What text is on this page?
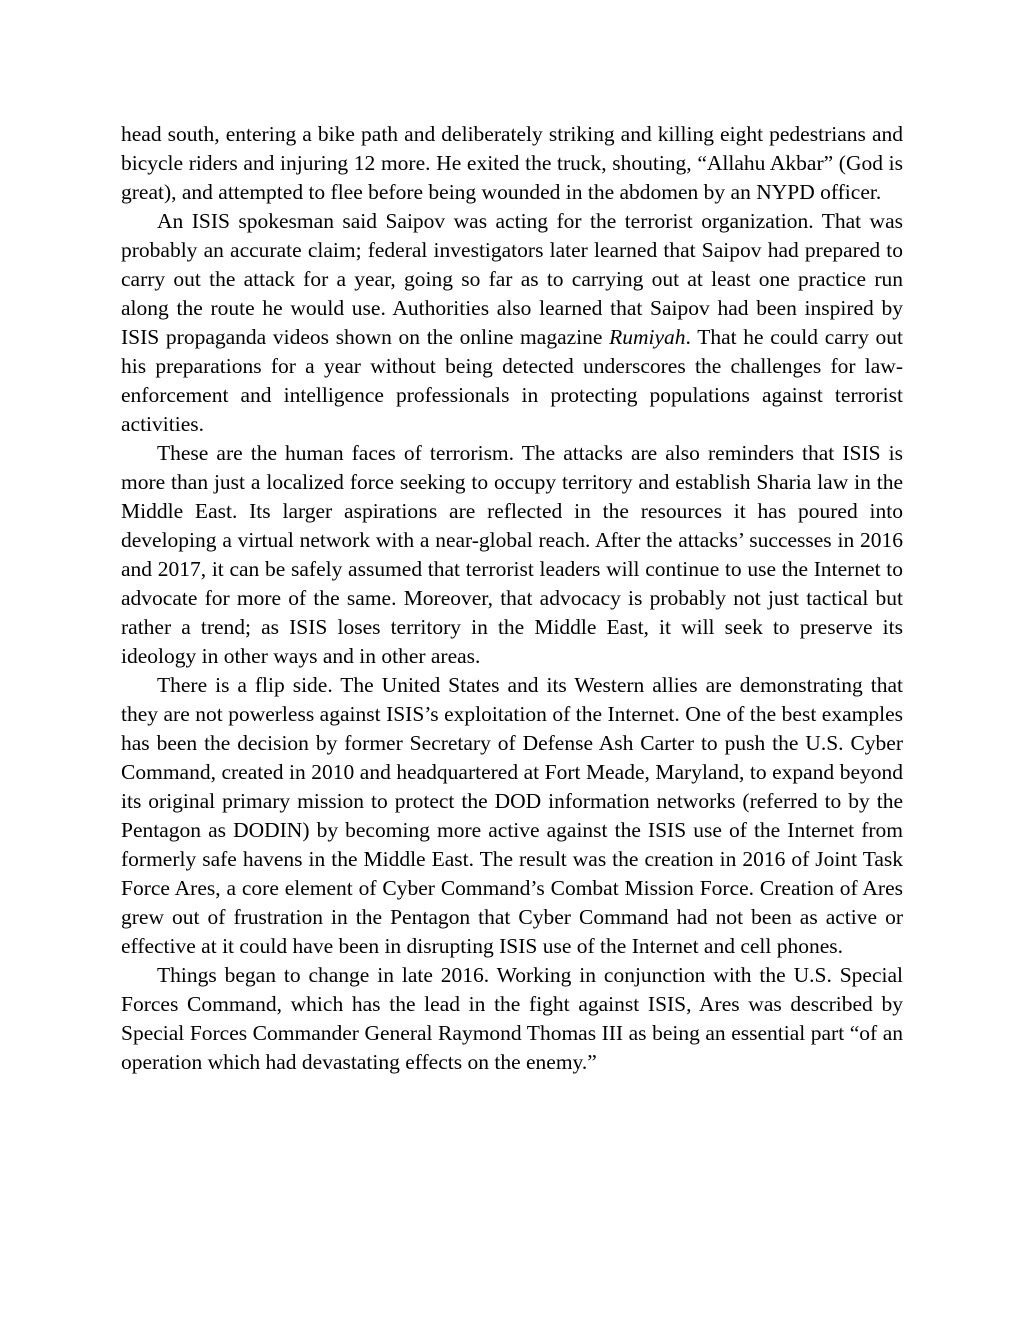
head south, entering a bike path and deliberately striking and killing eight pedestrians and bicycle riders and injuring 12 more. He exited the truck, shouting, “Allahu Akbar” (God is great), and attempted to flee before being wounded in the abdomen by an NYPD officer.

An ISIS spokesman said Saipov was acting for the terrorist organization. That was probably an accurate claim; federal investigators later learned that Saipov had prepared to carry out the attack for a year, going so far as to carrying out at least one practice run along the route he would use. Authorities also learned that Saipov had been inspired by ISIS propaganda videos shown on the online magazine Rumiyah. That he could carry out his preparations for a year without being detected underscores the challenges for law-enforcement and intelligence professionals in protecting populations against terrorist activities.

These are the human faces of terrorism. The attacks are also reminders that ISIS is more than just a localized force seeking to occupy territory and establish Sharia law in the Middle East. Its larger aspirations are reflected in the resources it has poured into developing a virtual network with a near-global reach. After the attacks’ successes in 2016 and 2017, it can be safely assumed that terrorist leaders will continue to use the Internet to advocate for more of the same. Moreover, that advocacy is probably not just tactical but rather a trend; as ISIS loses territory in the Middle East, it will seek to preserve its ideology in other ways and in other areas.

There is a flip side. The United States and its Western allies are demonstrating that they are not powerless against ISIS’s exploitation of the Internet. One of the best examples has been the decision by former Secretary of Defense Ash Carter to push the U.S. Cyber Command, created in 2010 and headquartered at Fort Meade, Maryland, to expand beyond its original primary mission to protect the DOD information networks (referred to by the Pentagon as DODIN) by becoming more active against the ISIS use of the Internet from formerly safe havens in the Middle East. The result was the creation in 2016 of Joint Task Force Ares, a core element of Cyber Command’s Combat Mission Force. Creation of Ares grew out of frustration in the Pentagon that Cyber Command had not been as active or effective at it could have been in disrupting ISIS use of the Internet and cell phones.

Things began to change in late 2016. Working in conjunction with the U.S. Special Forces Command, which has the lead in the fight against ISIS, Ares was described by Special Forces Commander General Raymond Thomas III as being an essential part “of an operation which had devastating effects on the enemy.”
